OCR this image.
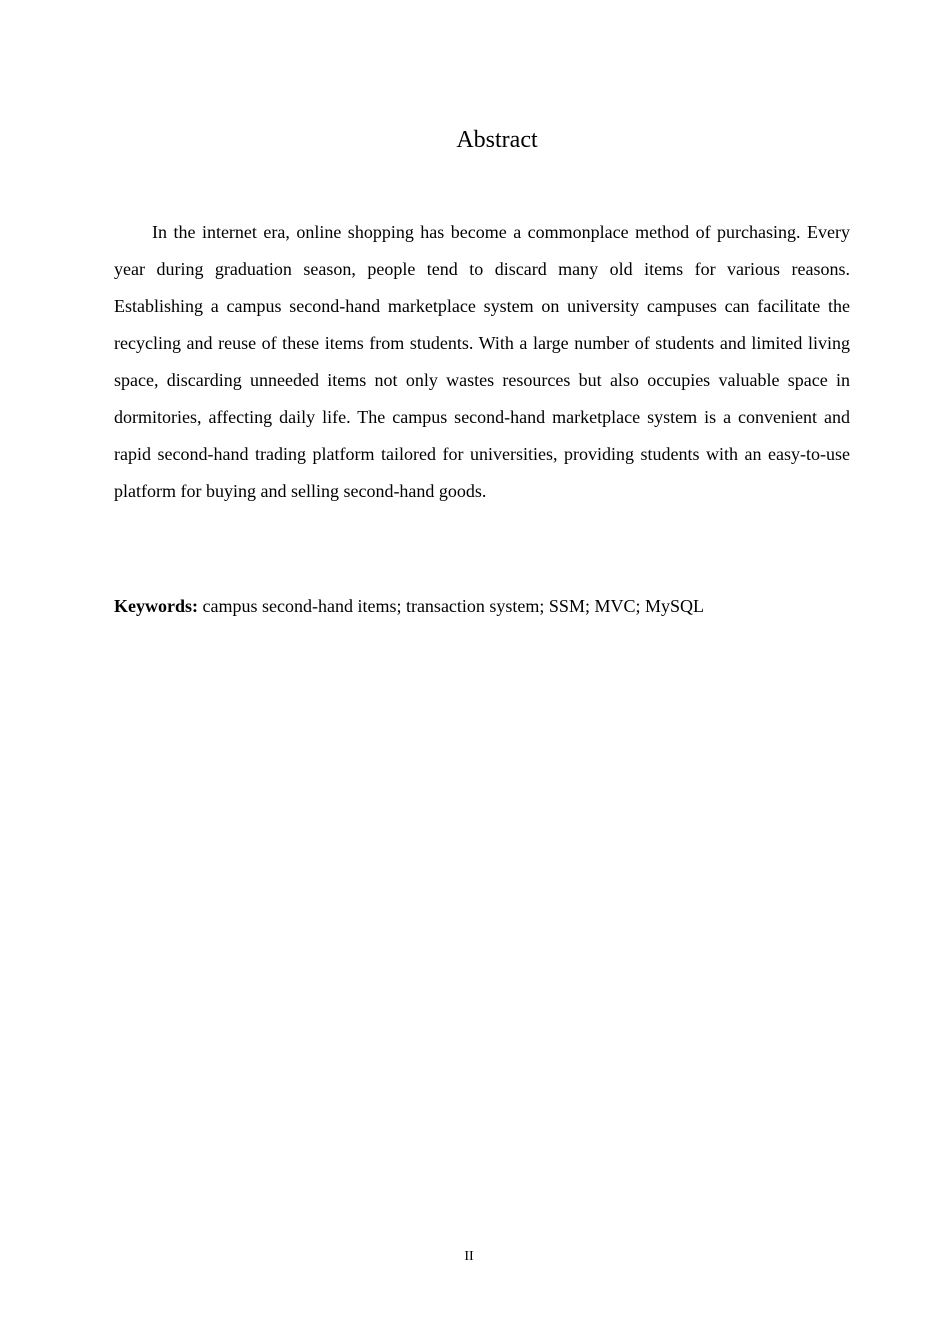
Abstract

In the internet era, online shopping has become a commonplace method of purchasing. Every year during graduation season, people tend to discard many old items for various reasons. Establishing a campus second-hand marketplace system on university campuses can facilitate the recycling and reuse of these items from students. With a large number of students and limited living space, discarding unneeded items not only wastes resources but also occupies valuable space in dormitories, affecting daily life. The campus second-hand marketplace system is a convenient and rapid second-hand trading platform tailored for universities, providing students with an easy-to-use platform for buying and selling second-hand goods.

Keywords: campus second-hand items; transaction system; SSM; MVC; MySQL

II
